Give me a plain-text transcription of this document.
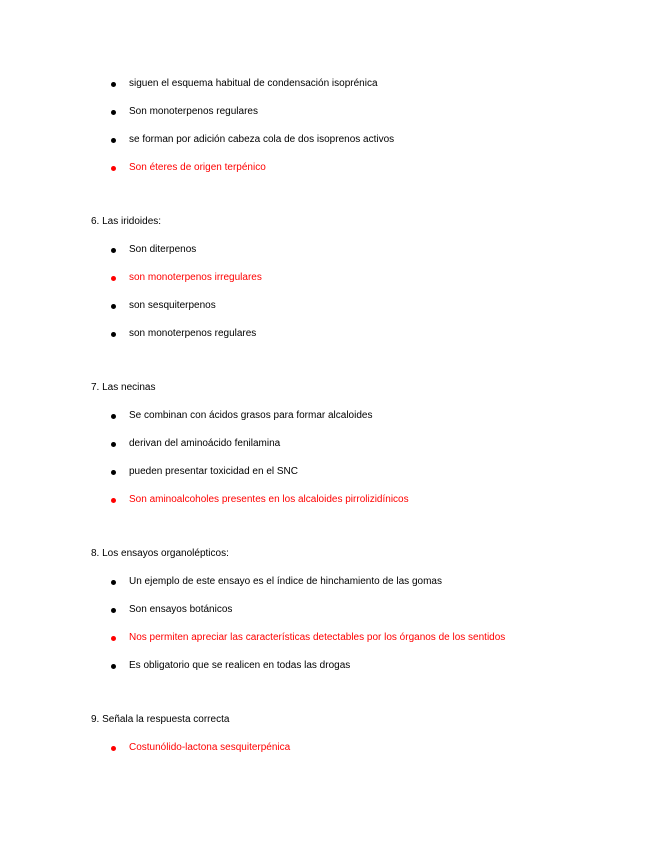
siguen el esquema habitual de condensación isoprénica
Son monoterpenos regulares
se forman por adición cabeza cola de dos isoprenos activos
Son éteres de origen terpénico
6. Las iridoides:
Son diterpenos
son monoterpenos irregulares
son sesquiterpenos
son monoterpenos regulares
7. Las necinas
Se combinan con ácidos grasos para formar alcaloides
derivan del aminoácido fenilamina
pueden presentar toxicidad en el SNC
Son aminoalcoholes presentes en los alcaloides pirrolizidínicos
8. Los ensayos organolépticos:
Un ejemplo de este ensayo es el índice de hinchamiento de las gomas
Son ensayos botánicos
Nos permiten apreciar las características detectables por los órganos de los sentidos
Es obligatorio que se realicen en todas las drogas
9. Señala la respuesta correcta
Costunólido-lactona sesquiterpénica
